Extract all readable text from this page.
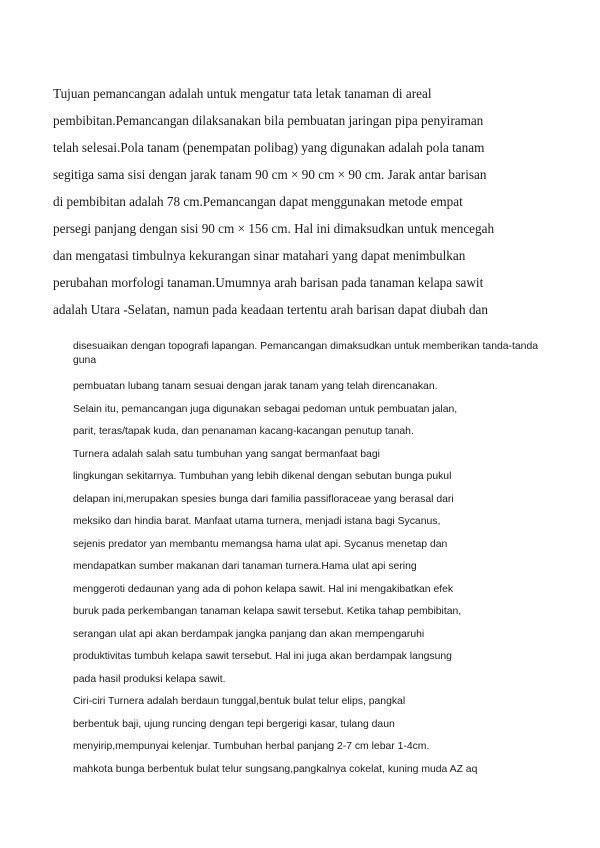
Tujuan pemancangan adalah untuk mengatur tata letak tanaman di areal
pembibitan.Pemancangan dilaksanakan bila pembuatan jaringan pipa penyiraman
telah selesai.Pola tanam (penempatan polibag) yang digunakan adalah pola tanam
segitiga sama sisi dengan jarak tanam 90 cm × 90 cm × 90 cm. Jarak antar barisan
di pembibitan adalah 78 cm.Pemancangan dapat menggunakan metode empat
persegi panjang dengan sisi 90 cm × 156 cm. Hal ini dimaksudkan untuk mencegah
dan mengatasi timbulnya kekurangan sinar matahari yang dapat menimbulkan
perubahan morfologi tanaman.Umumnya arah barisan pada tanaman kelapa sawit
adalah Utara -Selatan, namun pada keadaan tertentu arah barisan dapat diubah dan
disesuaikan dengan topografi lapangan. Pemancangan dimaksudkan untuk memberikan tanda-tanda guna
pembuatan lubang tanam sesuai dengan jarak tanam yang telah direncanakan.
Selain itu, pemancangan juga digunakan sebagai pedoman untuk pembuatan jalan,
parit, teras/tapak kuda, dan penanaman kacang-kacangan penutup tanah.
Turnera adalah salah satu tumbuhan yang sangat bermanfaat bagi
lingkungan sekitarnya. Tumbuhan yang lebih dikenal dengan sebutan bunga pukul
delapan ini,merupakan spesies bunga dari familia passifloraceae yang berasal dari
meksiko dan hindia barat. Manfaat utama turnera, menjadi istana bagi Sycanus,
sejenis predator yan membantu memangsa hama ulat api. Sycanus menetap dan
mendapatkan sumber makanan dari tanaman turnera.Hama ulat api sering
menggeroti dedaunan yang ada di pohon kelapa sawit. Hal ini mengakibatkan efek
buruk pada perkembangan tanaman kelapa sawit tersebut. Ketika tahap pembibitan,
serangan ulat api akan berdampak jangka panjang dan akan mempengaruhi
produktivitas tumbuh kelapa sawit tersebut. Hal ini juga akan berdampak langsung
pada hasil produksi kelapa sawit.
Ciri-ciri Turnera adalah berdaun tunggal,bentuk bulat telur elips, pangkal
berbentuk baji, ujung runcing dengan tepi bergerigi kasar, tulang daun
menyirip,mempunyai kelenjar. Tumbuhan herbal panjang 2-7 cm lebar 1-4cm.
mahkota bunga berbentuk bulat telur sungsang,pangkalnya cokelat, kuning muda AZ aq
